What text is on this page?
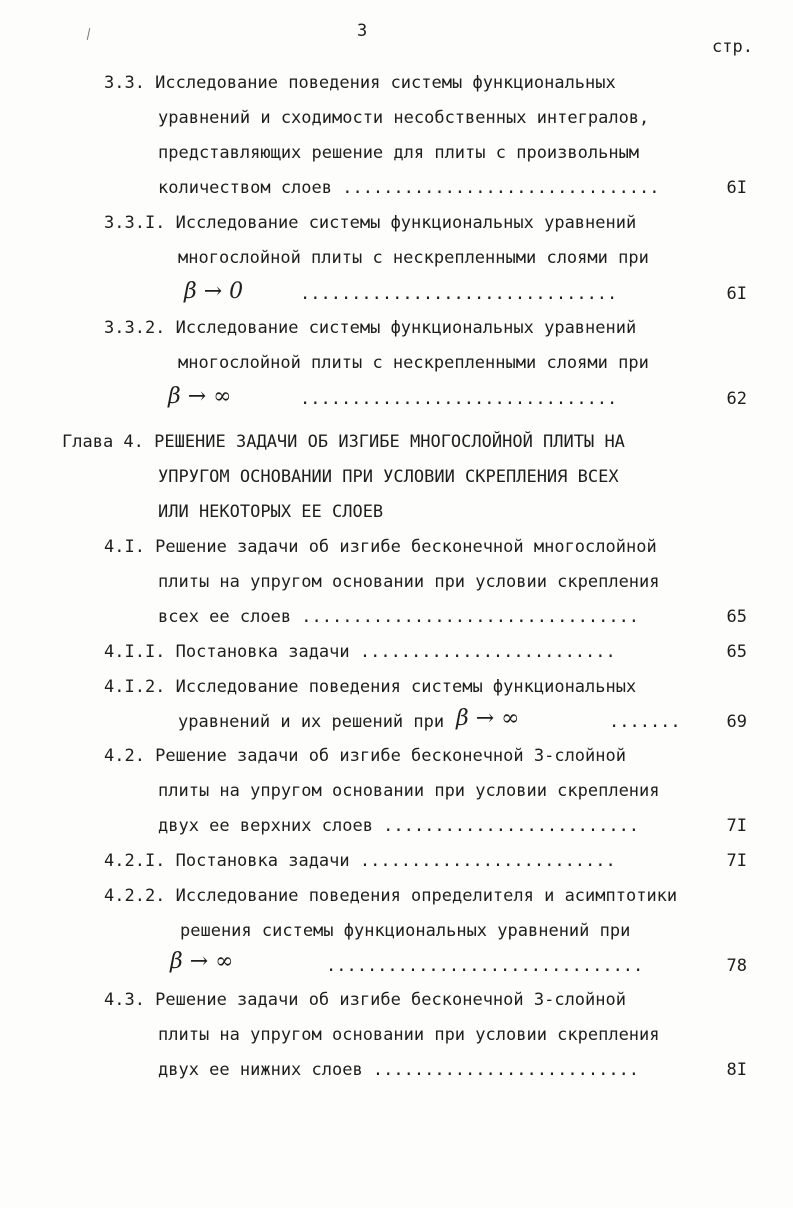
3
стр.
3.3. Исследование поведения системы функциональных
уравнений и сходимости несобственных интегралов,
представляющих решение для плиты с произвольным
количеством слоев ...............................	6I
3.3.I. Исследование системы функциональных уравнений
многослойной плиты с нескрепленными слоями при
β → 0	...............................	6I
3.3.2. Исследование системы функциональных уравнений
многослойной плиты с нескрепленными слоями при
β → ∞	...............................	62
Глава 4. РЕШЕНИЕ ЗАДАЧИ ОБ ИЗГИБЕ МНОГОСЛОЙНОЙ ПЛИТЫ НА
УПРУГОМ ОСНОВАНИИ ПРИ УСЛОВИИ СКРЕПЛЕНИЯ ВСЕХ
ИЛИ НЕКОТОРЫХ ЕЕ СЛОЕВ
4.I. Решение задачи об изгибе бесконечной многослойной
плиты на упругом основании при условии скрепления
всех ее слоев .................................	65
4.I.I. Постановка задачи .........................	65
4.I.2. Исследование поведения системы функциональных
уравнений и их решений при β → ∞	.......	69
4.2. Решение задачи об изгибе бесконечной 3-слойной
плиты на упругом основании при условии скрепления
двух ее верхних слоев .........................	7I
4.2.I. Постановка задачи .........................	7I
4.2.2. Исследование поведения определителя и асимптотики
решения системы функциональных уравнений при
β → ∞	...............................	78
4.3. Решение задачи об изгибе бесконечной 3-слойной
плиты на упругом основании при условии скрепления
двух ее нижних слоев ..........................	8I
